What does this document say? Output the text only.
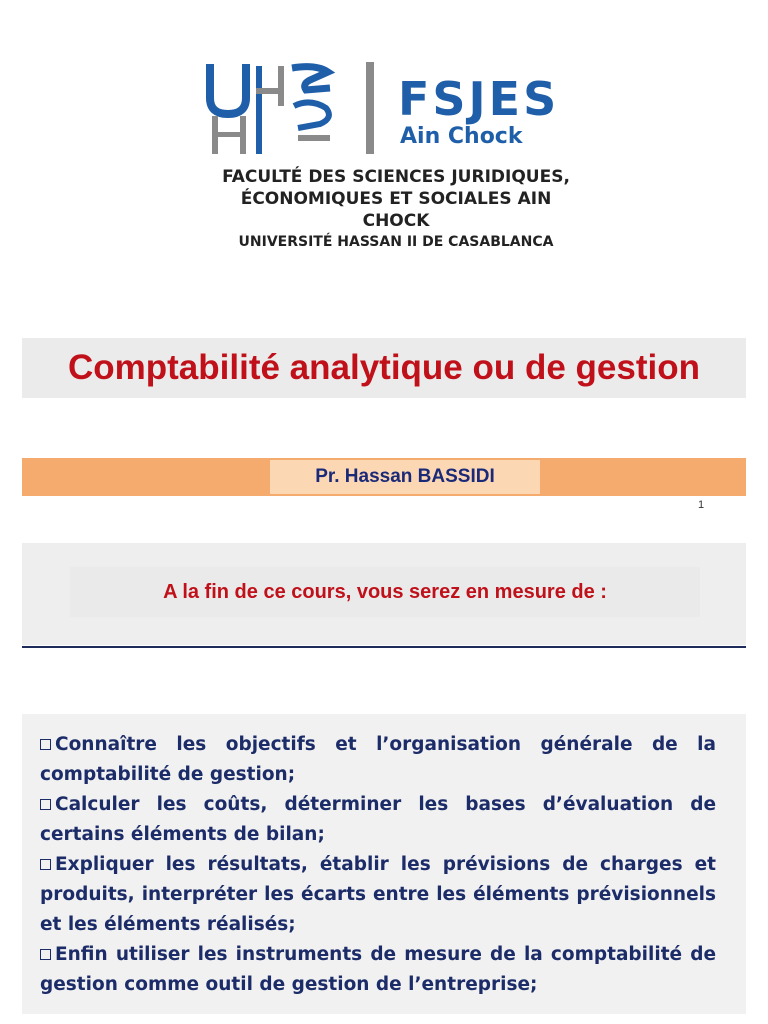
FSJES
Ain Chock
FACULTÉ DES SCIENCES JURIDIQUES,
ÉCONOMIQUES ET SOCIALES AIN CHOCK
UNIVERSITÉ HASSAN II DE CASABLANCA
Comptabilité analytique ou de gestion
Pr. Hassan BASSIDI
1
A la fin de ce cours, vous serez en mesure de :
Connaître les objectifs et l’organisation générale de la comptabilité de gestion;
Calculer les coûts, déterminer les bases d’évaluation de certains éléments de bilan;
Expliquer les résultats, établir les prévisions de charges et produits, interpréter les écarts entre les éléments prévisionnels et les éléments réalisés;
Enfin utiliser les instruments de mesure de la comptabilité de gestion comme outil de gestion de l’entreprise;
